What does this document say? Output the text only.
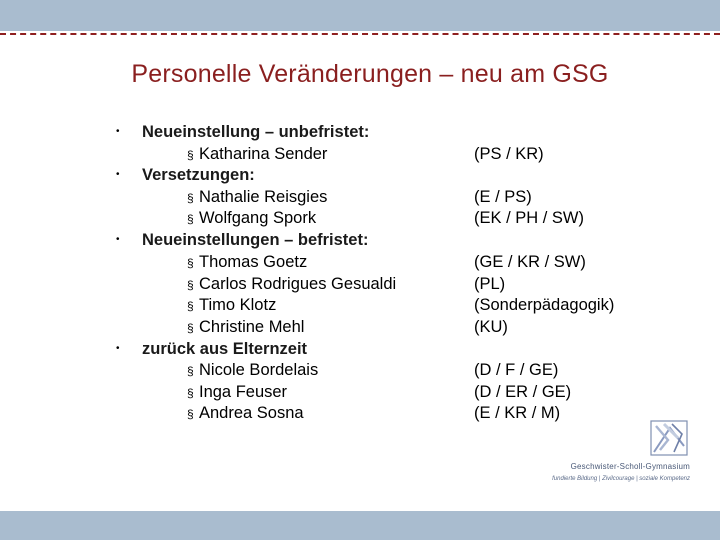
Personelle Veränderungen – neu am GSG
• Neueinstellung – unbefristet:
§ Katharina Sender	(PS / KR)
• Versetzungen:
§ Nathalie Reisgies	(E / PS)
§ Wolfgang Spork	(EK / PH / SW)
• Neueinstellungen – befristet:
§ Thomas Goetz	(GE / KR / SW)
§ Carlos Rodrigues Gesualdi	(PL)
§ Timo Klotz	(Sonderpädagogik)
§ Christine Mehl	(KU)
• zurück aus Elternzeit
§ Nicole Bordelais	(D / F / GE)
§ Inga Feuser	(D / ER / GE)
§ Andrea Sosna	(E / KR / M)
Geschwister-Scholl-Gymnasium
fundierte Bildung | Zivilcourage | soziale Kompetenz
